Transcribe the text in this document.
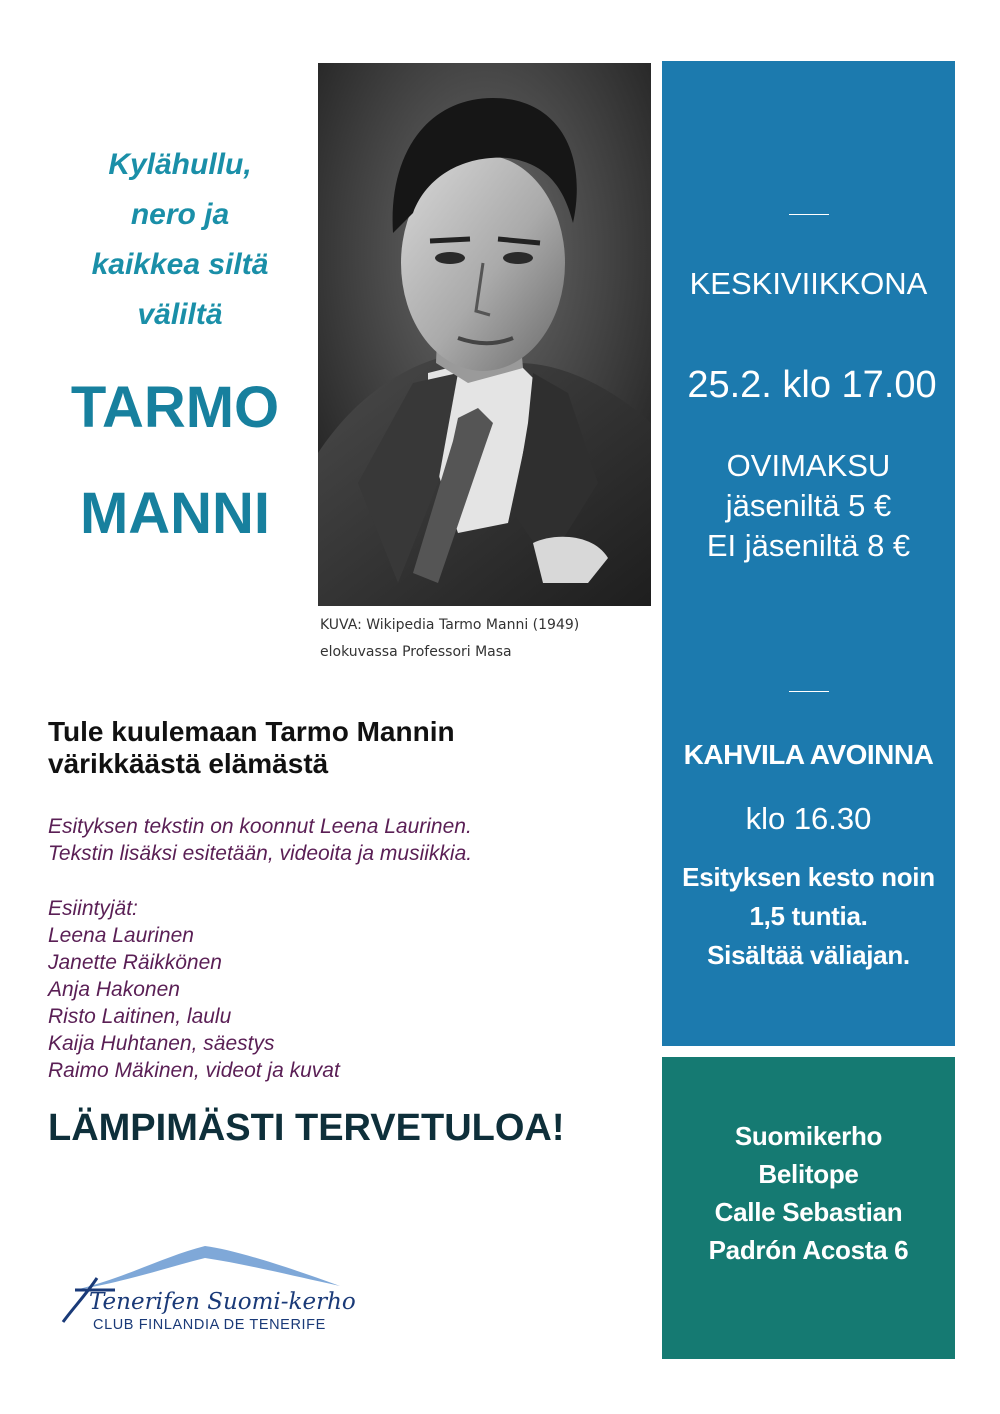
Kylähullu,
nero ja
kaikkea siltä
väliltä
TARMO
MANNI
KUVA: Wikipedia Tarmo Manni (1949)
elokuvassa Professori Masa
KESKIVIIKKONA
25.2. klo 17.00
OVIMAKSU
jäseniltä 5 €
EI jäseniltä 8 €
KAHVILA AVOINNA
klo 16.30
Esityksen kesto noin
1,5 tuntia.
Sisältää väliajan.
Suomikerho
Belitope
Calle Sebastian
Padrón Acosta 6
Tule kuulemaan Tarmo Mannin
värikkäästä elämästä
Esityksen tekstin on koonnut Leena Laurinen.
Tekstin lisäksi esitetään, videoita ja musiikkia.
Esiintyjät:
Leena Laurinen
Janette Räikkönen
Anja Hakonen
Risto Laitinen, laulu
Kaija Huhtanen, säestys
Raimo Mäkinen, videot ja kuvat
LÄMPIMÄSTI TERVETULOA!
Tenerifen Suomi-kerho
CLUB FINLANDIA DE TENERIFE
